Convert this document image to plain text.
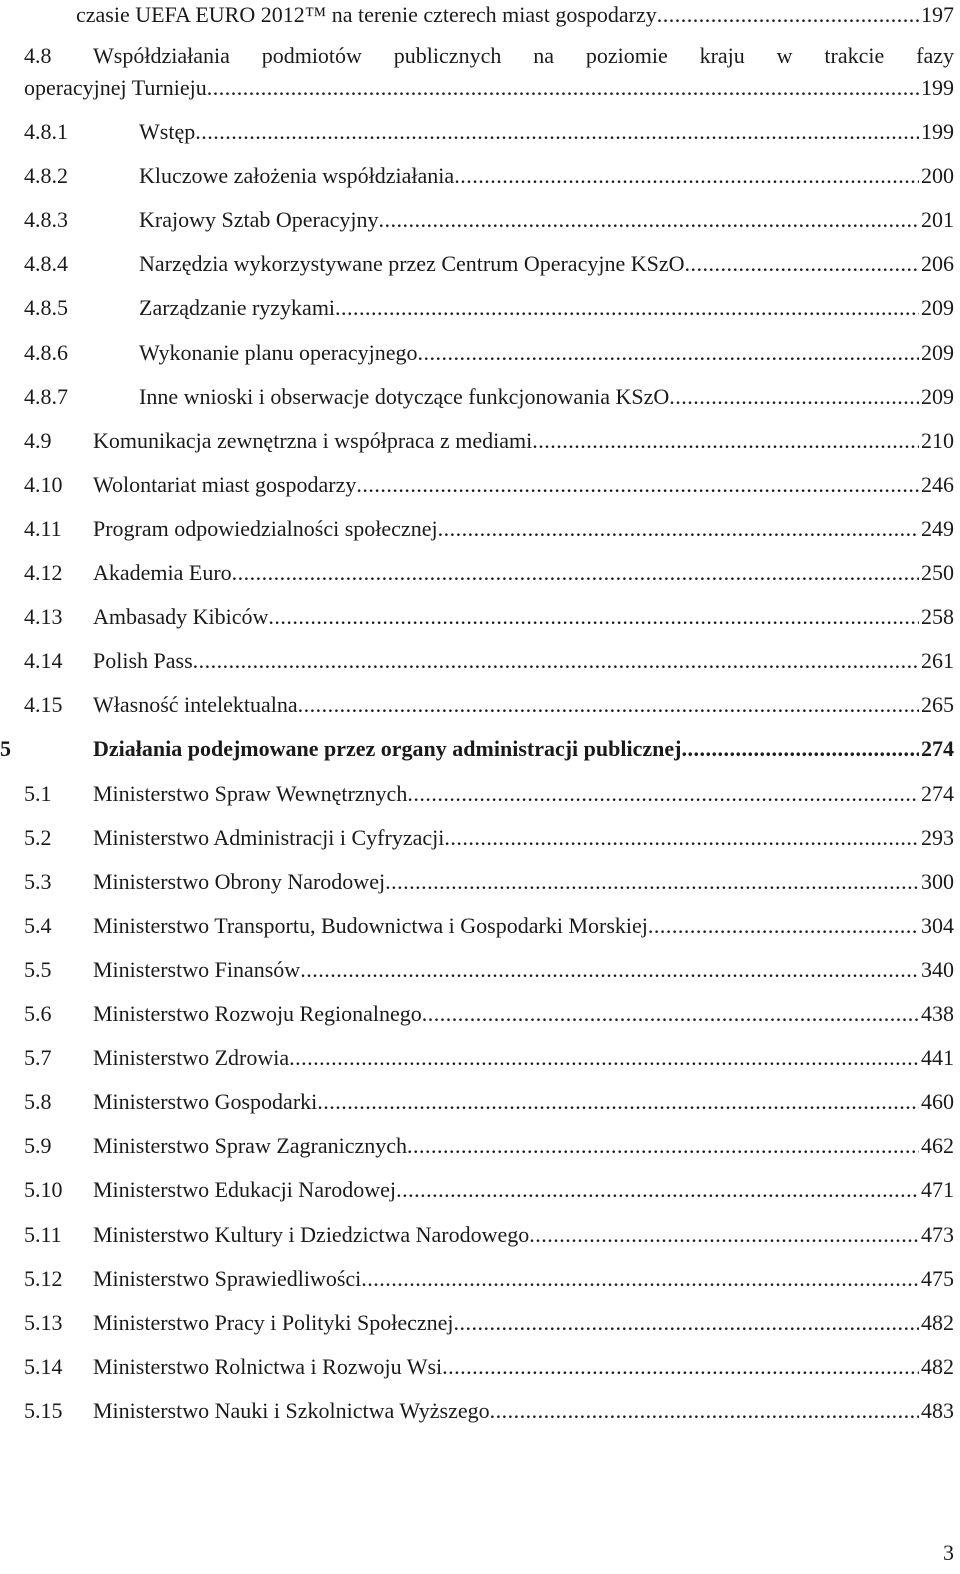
czasie UEFA EURO 2012™ na terenie czterech miast gospodarzy .....	197
4.8 Współdziałania podmiotów publicznych na poziomie kraju w trakcie fazy
operacyjnej Turnieju .....	199
4.8.1	Wstęp .....	199
4.8.2	Kluczowe założenia współdziałania .....	200
4.8.3	Krajowy Sztab Operacyjny .....	201
4.8.4	Narzędzia wykorzystywane przez Centrum Operacyjne KSzO .....	206
4.8.5	Zarządzanie ryzykami .....	209
4.8.6	Wykonanie planu operacyjnego .....	209
4.8.7	Inne wnioski i obserwacje dotyczące funkcjonowania KSzO .....	209
4.9 Komunikacja zewnętrzna i współpraca z mediami .....	210
4.10 Wolontariat miast gospodarzy .....	246
4.11 Program odpowiedzialności społecznej .....	249
4.12 Akademia Euro .....	250
4.13 Ambasady Kibiców .....	258
4.14 Polish Pass .....	261
4.15 Własność intelektualna .....	265
5	Działania podejmowane przez organy administracji publicznej .....	274
5.1 Ministerstwo Spraw Wewnętrznych .....	274
5.2 Ministerstwo Administracji i Cyfryzacji .....	293
5.3 Ministerstwo Obrony Narodowej .....	300
5.4 Ministerstwo Transportu, Budownictwa i Gospodarki Morskiej .....	304
5.5 Ministerstwo Finansów .....	340
5.6 Ministerstwo Rozwoju Regionalnego .....	438
5.7 Ministerstwo Zdrowia .....	441
5.8 Ministerstwo Gospodarki .....	460
5.9 Ministerstwo Spraw Zagranicznych .....	462
5.10 Ministerstwo Edukacji Narodowej .....	471
5.11 Ministerstwo Kultury i Dziedzictwa Narodowego .....	473
5.12 Ministerstwo Sprawiedliwości .....	475
5.13 Ministerstwo Pracy i Polityki Społecznej .....	482
5.14 Ministerstwo Rolnictwa i Rozwoju Wsi .....	482
5.15 Ministerstwo Nauki i Szkolnictwa Wyższego .....	483
3
